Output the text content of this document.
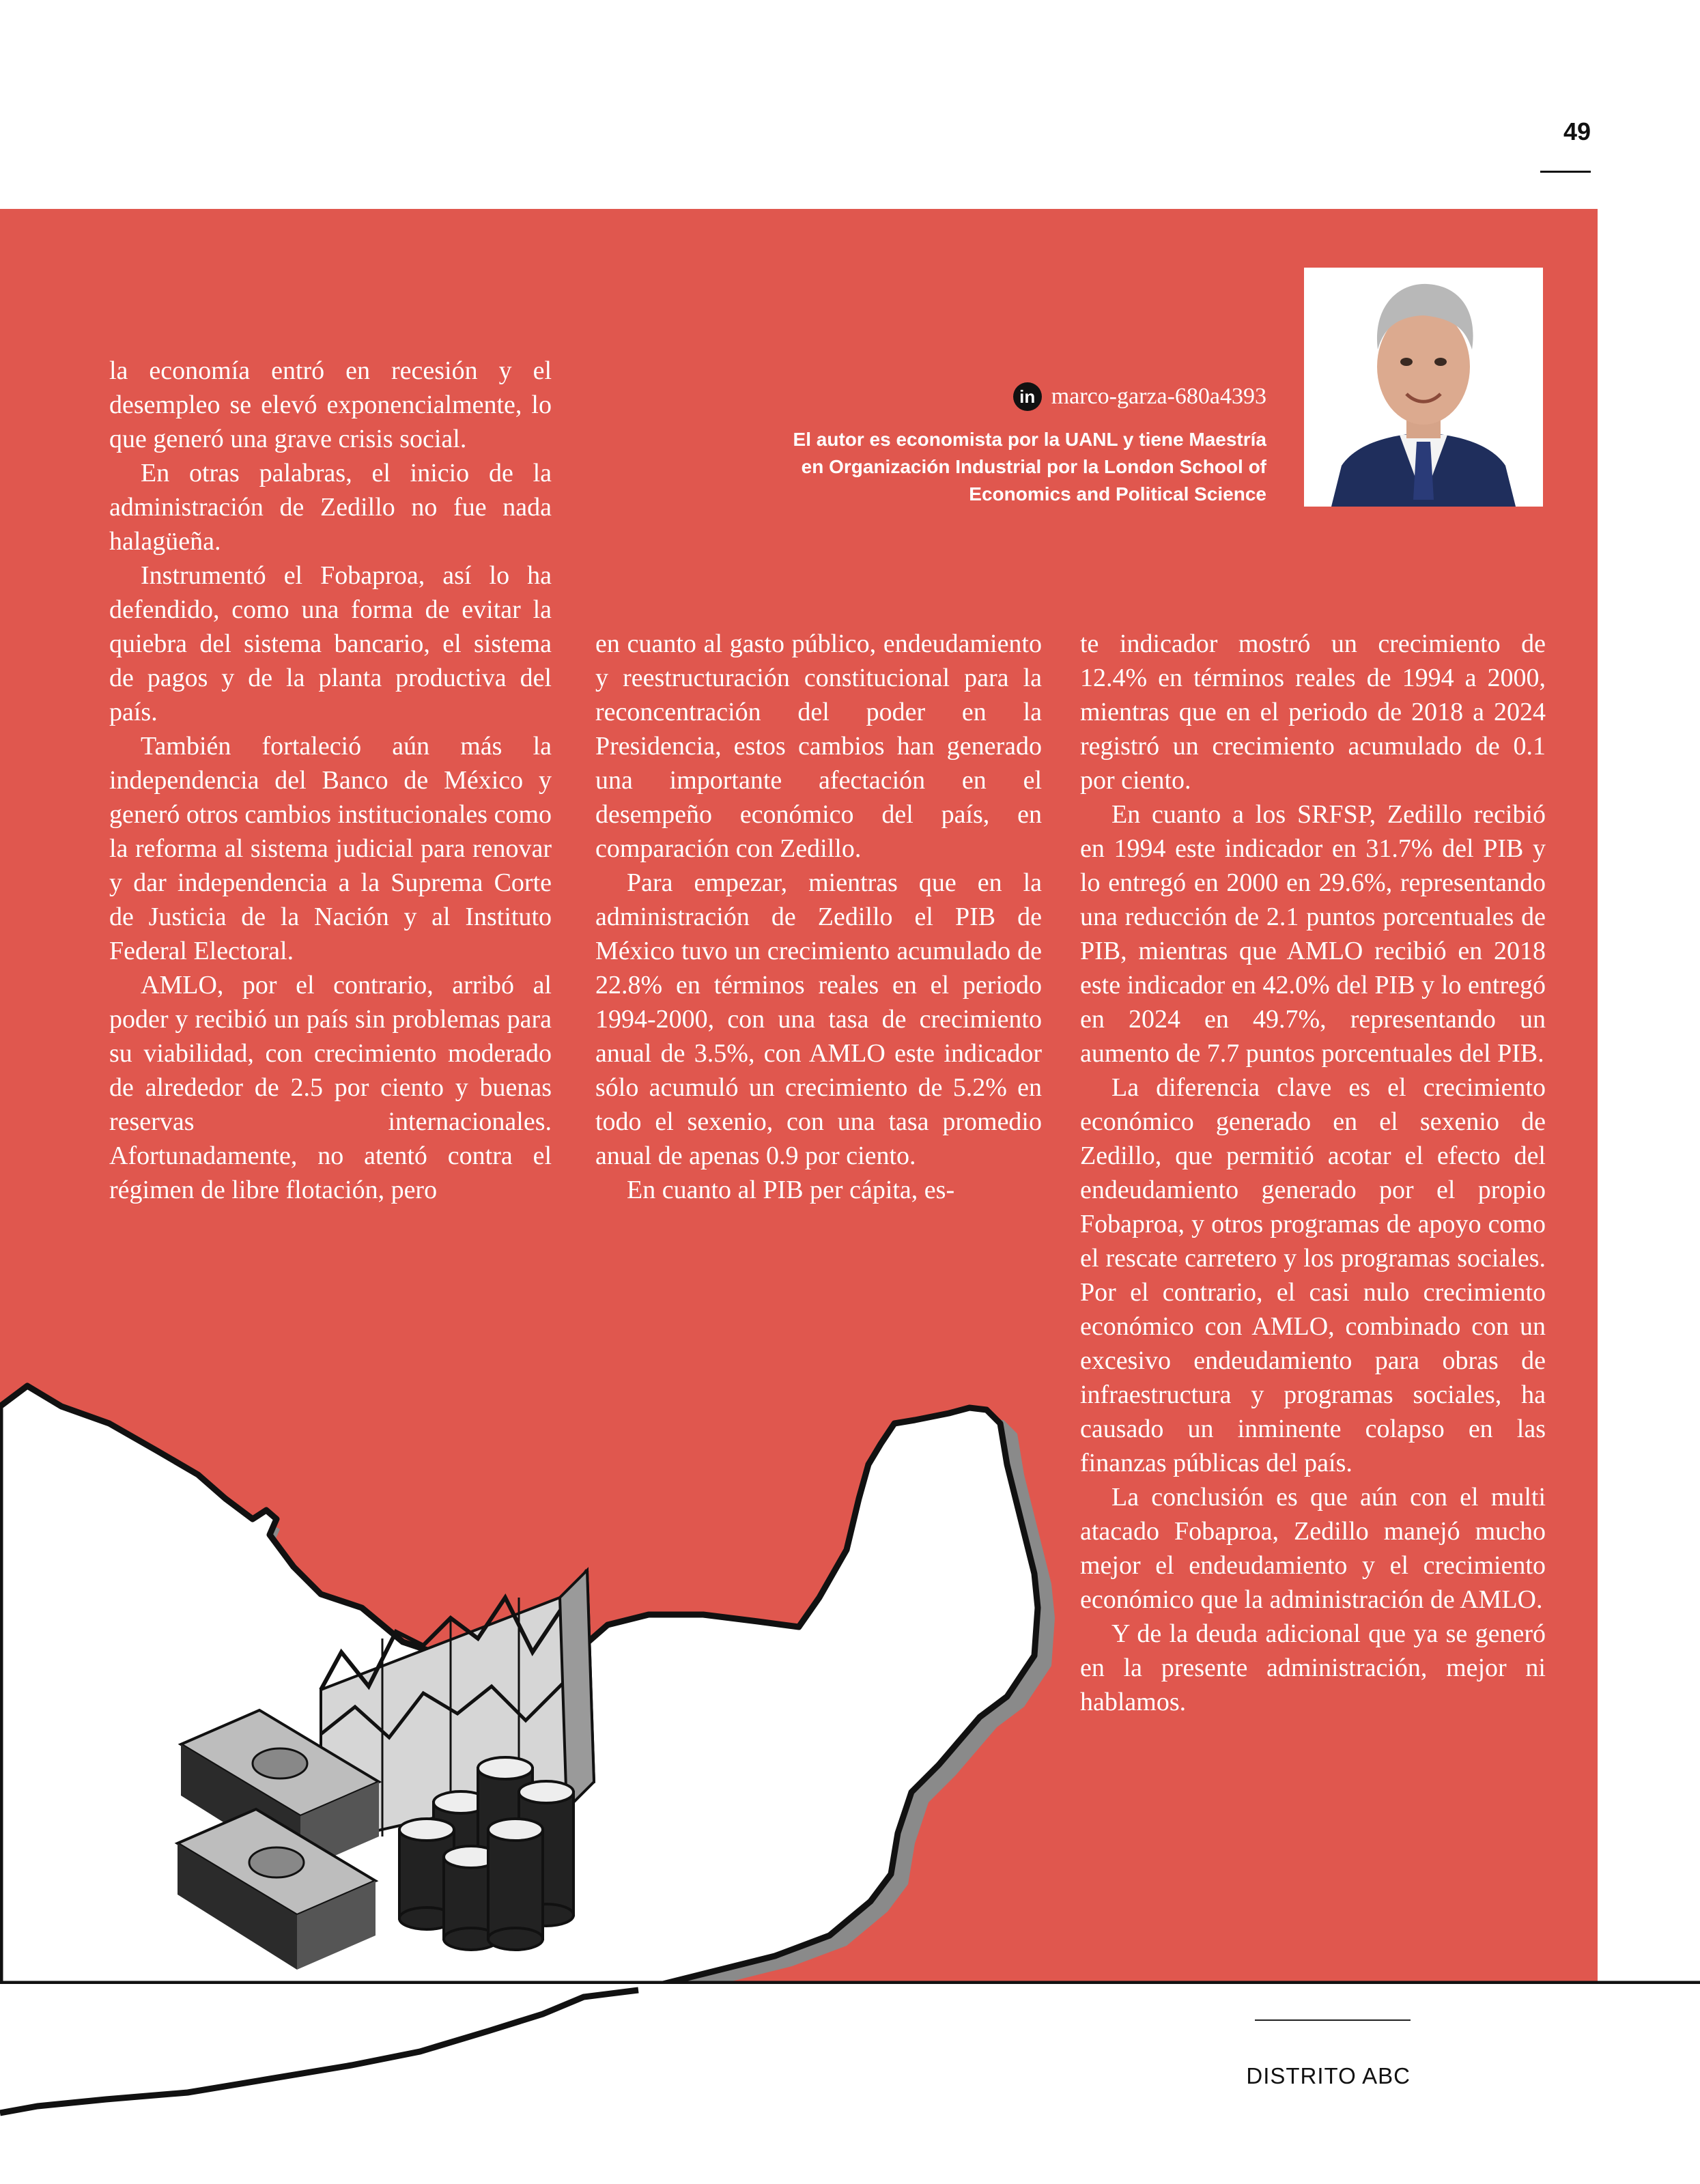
49
in marco-garza-680a4393
El autor es economista por la UANL y tiene Maestría
en Organización Industrial por la London School of
Economics and Political Science

la economía entró en recesión y el desempleo se elevó exponencialmente, lo que generó una grave crisis social.

En otras palabras, el inicio de la administración de Zedillo no fue nada halagüeña.

Instrumentó el Fobaproa, así lo ha defendido, como una forma de evitar la quiebra del sistema bancario, el sistema de pagos y de la planta productiva del país.

También fortaleció aún más la independencia del Banco de México y generó otros cambios institucionales como la reforma al sistema judicial para renovar y dar independencia a la Suprema Corte de Justicia de la Nación y al Instituto Federal Electoral.

AMLO, por el contrario, arribó al poder y recibió un país sin problemas para su viabilidad, con crecimiento moderado de alrededor de 2.5 por ciento y buenas reservas internacionales. Afortunadamente, no atentó contra el régimen de libre flotación, pero

en cuanto al gasto público, endeudamiento y reestructuración constitucional para la reconcentración del poder en la Presidencia, estos cambios han generado una importante afectación en el desempeño económico del país, en comparación con Zedillo.

Para empezar, mientras que en la administración de Zedillo el PIB de México tuvo un crecimiento acumulado de 22.8% en términos reales en el periodo 1994-2000, con una tasa de crecimiento anual de 3.5%, con AMLO este indicador sólo acumuló un crecimiento de 5.2% en todo el sexenio, con una tasa promedio anual de apenas 0.9 por ciento.

En cuanto al PIB per cápita, es-

te indicador mostró un crecimiento de 12.4% en términos reales de 1994 a 2000, mientras que en el periodo de 2018 a 2024 registró un crecimiento acumulado de 0.1 por ciento.

En cuanto a los SRFSP, Zedillo recibió en 1994 este indicador en 31.7% del PIB y lo entregó en 2000 en 29.6%, representando una reducción de 2.1 puntos porcentuales de PIB, mientras que AMLO recibió en 2018 este indicador en 42.0% del PIB y lo entregó en 2024 en 49.7%, representando un aumento de 7.7 puntos porcentuales del PIB.

La diferencia clave es el crecimiento económico generado en el sexenio de Zedillo, que permitió acotar el efecto del endeudamiento generado por el propio Fobaproa, y otros programas de apoyo como el rescate carretero y los programas sociales. Por el contrario, el casi nulo crecimiento económico con AMLO, combinado con un excesivo endeudamiento para obras de infraestructura y programas sociales, ha causado un inminente colapso en las finanzas públicas del país.

La conclusión es que aún con el multi atacado Fobaproa, Zedillo manejó mucho mejor el endeudamiento y el crecimiento económico que la administración de AMLO.

Y de la deuda adicional que ya se generó en la presente administración, mejor ni hablamos.

DISTRITO ABC
